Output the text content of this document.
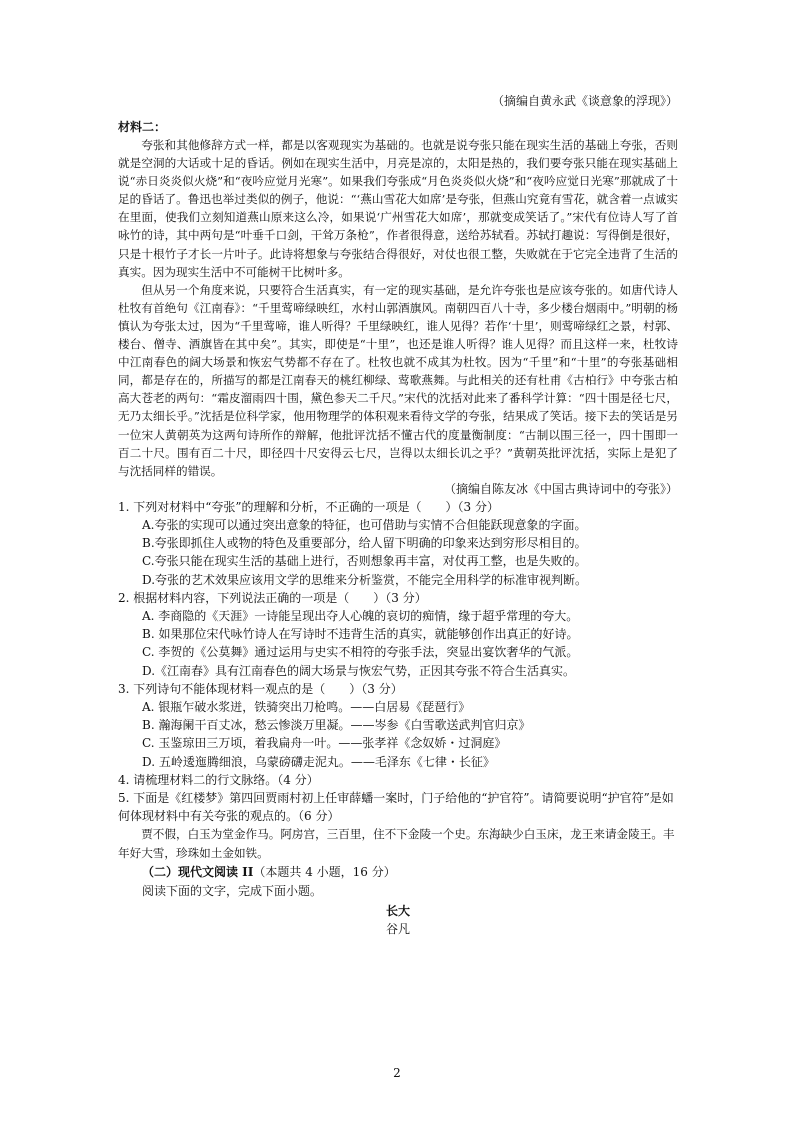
（摘编自黄永武《谈意象的浮现》）
材料二：

夸张和其他修辞方式一样，都是以客观现实为基础的。也就是说夸张只能在现实生活的基础上夸张，否则就是空洞的大话或十足的昏话。例如在现实生活中，月亮是凉的，太阳是热的，我们要夸张只能在现实基础上说“赤日炎炎似火烧”和“夜吟应觉月光寒”。如果我们夸张成“月色炎炎似火烧”和“夜吟应觉日光寒”那就成了十足的昏话了。鲁迅也举过类似的例子，他说：“‘燕山雪花大如席’是夸张，但燕山究竟有雪花，就含着一点诚实在里面，使我们立刻知道燕山原来这么冷，如果说‘广州雪花大如席’，那就变成笑话了。”宋代有位诗人写了首咏竹的诗，其中两句是“叶垂千口剑，干耸万条枪”，作者很得意，送给苏轼看。苏轼打趣说：写得倒是很好，只是十根竹子才长一片叶子。此诗将想象与夸张结合得很好，对仗也很工整，失败就在于它完全违背了生活的真实。因为现实生活中不可能树干比树叶多。

但从另一个角度来说，只要符合生活真实，有一定的现实基础，是允许夸张也是应该夸张的。如唐代诗人杜牧有首绝句《江南春》：“千里莺啼绿映红，水村山郭酒旗风。南朝四百八十寺，多少楼台烟雨中。”明朝的杨慎认为夸张太过，因为“千里莺啼，谁人听得？千里绿映红，谁人见得？若作‘十里’，则莺啼绿红之景，村郭、楼台、僧寺、酒旗皆在其中矣”。其实，即使是“十里”，也还是谁人听得？谁人见得？而且这样一来，杜牧诗中江南春色的阔大场景和恢宏气势都不存在了。杜牧也就不成其为杜牧。因为“千里”和“十里”的夸张基础相同，都是存在的，所描写的都是江南春天的桃红柳绿、莺歌燕舞。与此相关的还有杜甫《古柏行》中夸张古柏高大苍老的两句：“霜皮溜雨四十围，黛色参天二千尺。”宋代的沈括对此来了番科学计算：“四十围是径七尺，无乃太细长乎。”沈括是位科学家，他用物理学的体积观来看待文学的夸张，结果成了笑话。接下去的笑话是另一位宋人黄朝英为这两句诗所作的辩解，他批评沈括不懂古代的度量衡制度：“古制以围三径一，四十围即一百二十尺。围有百二十尺，即径四十尺安得云七尺，岂得以太细长讥之乎？”黄朝英批评沈括，实际上是犯了与沈括同样的错误。

（摘编自陈友冰《中国古典诗词中的夸张》）

1. 下列对材料中“夸张”的理解和分析，不正确的一项是（　　）（3 分）

A.夸张的实现可以通过突出意象的特征，也可借助与实情不合但能跃现意象的字面。

B.夸张即抓住人或物的特色及重要部分，给人留下明确的印象来达到穷形尽相目的。

C.夸张只能在现实生活的基础上进行，否则想象再丰富，对仗再工整，也是失败的。

D.夸张的艺术效果应该用文学的思维来分析鉴赏，不能完全用科学的标准审视判断。

2. 根据材料内容，下列说法正确的一项是（　　）（3 分）

A. 李商隐的《天涯》一诗能呈现出夺人心魄的哀切的痴情，缘于超乎常理的夸大。

B. 如果那位宋代咏竹诗人在写诗时不违背生活的真实，就能够创作出真正的好诗。

C. 李贺的《公莫舞》通过运用与史实不相符的夸张手法，突显出宴饮奢华的气派。

D.《江南春》具有江南春色的阔大场景与恢宏气势，正因其夸张不符合生活真实。

3. 下列诗句不能体现材料一观点的是（　　）（3 分）

A. 银瓶乍破水浆迸，铁骑突出刀枪鸣。——白居易《琵琶行》

B. 瀚海阑干百丈冰，愁云惨淡万里凝。——岑参《白雪歌送武判官归京》

C. 玉鉴琼田三万顷，着我扁舟一叶。——张孝祥《念奴娇・过洞庭》

D. 五岭逶迤腾细浪，乌蒙磅礴走泥丸。——毛泽东《七律・长征》

4. 请梳理材料二的行文脉络。（4 分）

5. 下面是《红楼梦》第四回贾雨村初上任审薛蟠一案时，门子给他的“护官符”。请简要说明“护官符”是如何体现材料中有关夸张的观点的。（6 分）

贾不假，白玉为堂金作马。阿房宫，三百里，住不下金陵一个史。东海缺少白玉床，龙王来请金陵王。丰年好大雪，珍珠如土金如铁。

（二）现代文阅读 II（本题共 4 小题，16 分）

阅读下面的文字，完成下面小题。

长大

谷凡

2
